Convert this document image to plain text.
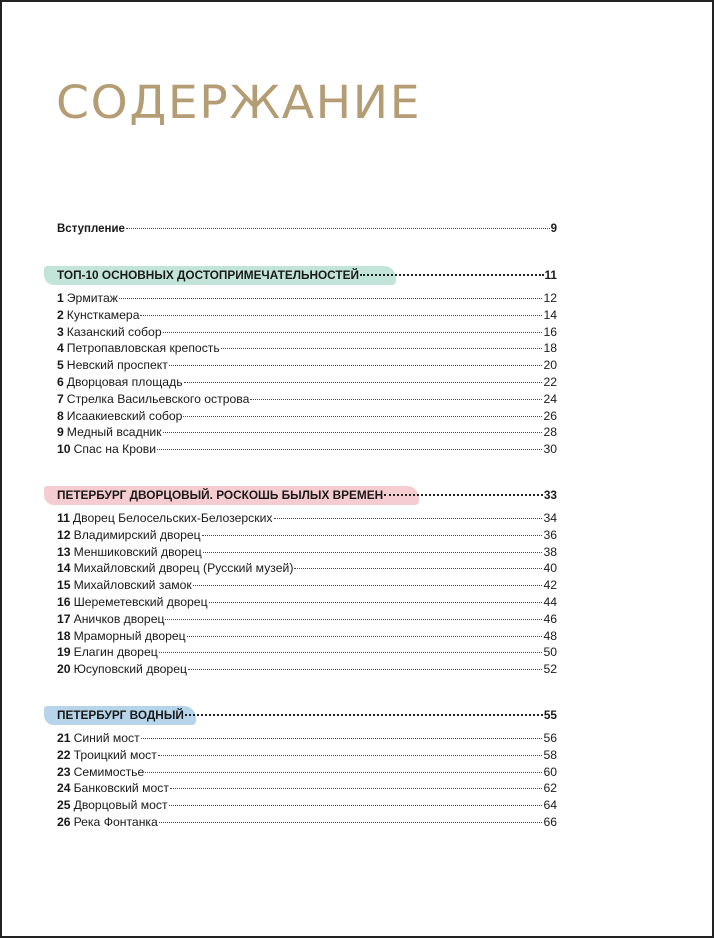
СОДЕРЖАНИЕ
Вступление	9
ТОП-10 ОСНОВНЫХ ДОСТОПРИМЕЧАТЕЛЬНОСТЕЙ	11
1 Эрмитаж	12
2 Кунсткамера	14
3 Казанский собор	16
4 Петропавловская крепость	18
5 Невский проспект	20
6 Дворцовая площадь	22
7 Стрелка Васильевского острова	24
8 Исаакиевский собор	26
9 Медный всадник	28
10 Спас на Крови	30
ПЕТЕРБУРГ ДВОРЦОВЫЙ. РОСКОШЬ БЫЛЫХ ВРЕМЕН	33
11 Дворец Белосельских-Белозерских	34
12 Владимирский дворец	36
13 Меншиковский дворец	38
14 Михайловский дворец (Русский музей)	40
15 Михайловский замок	42
16 Шереметевский дворец	44
17 Аничков дворец	46
18 Мраморный дворец	48
19 Елагин дворец	50
20 Юсуповский дворец	52
ПЕТЕРБУРГ ВОДНЫЙ	55
21 Синий мост	56
22 Троицкий мост	58
23 Семимостье	60
24 Банковский мост	62
25 Дворцовый мост	64
26 Река Фонтанка	66
